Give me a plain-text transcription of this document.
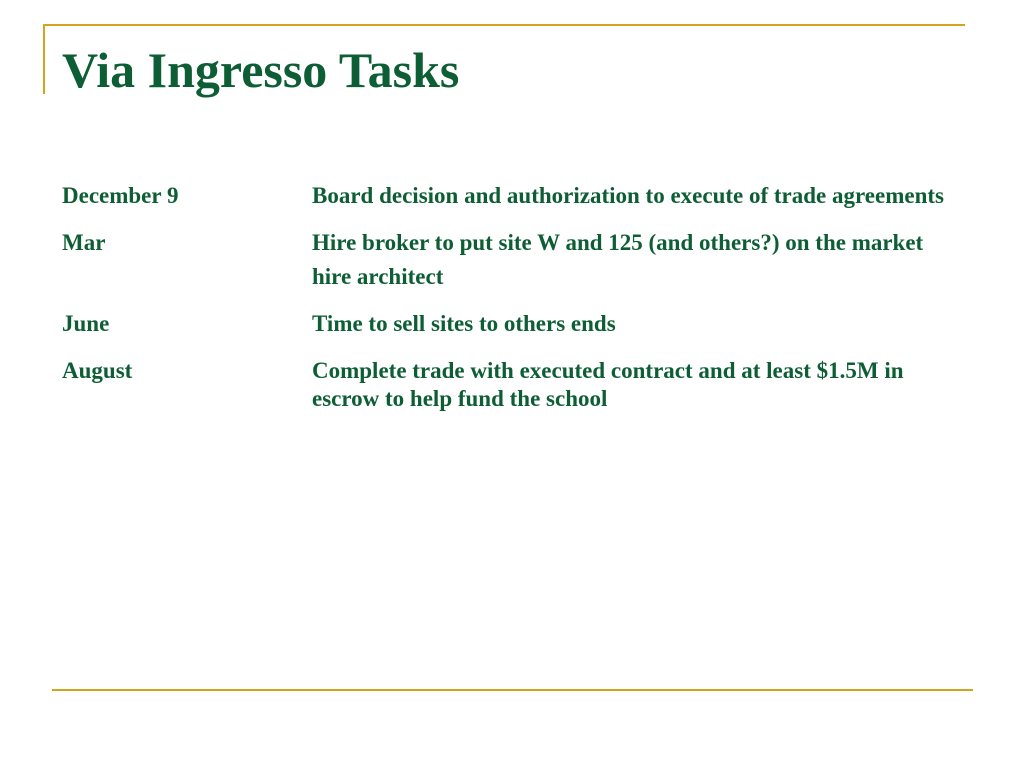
Via Ingresso Tasks
December 9	Board decision and authorization to execute of trade agreements
Mar	Hire broker to put site W and 125 (and others?) on the market
hire architect
June	Time to sell sites to others ends
August	Complete trade with executed contract and at least $1.5M in escrow to help fund the school
